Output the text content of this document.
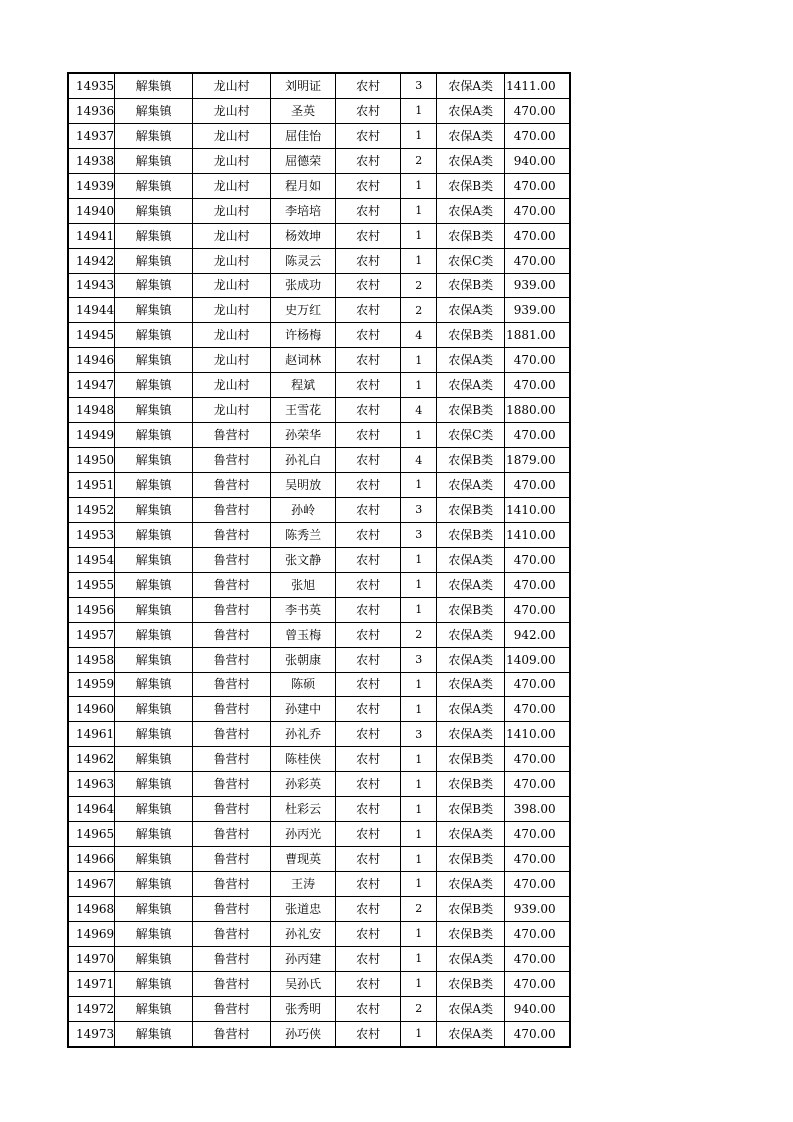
14935	解集镇	龙山村	刘明证	农村	3	农保A类	1411.00
14936	解集镇	龙山村	圣英	农村	1	农保A类	470.00
14937	解集镇	龙山村	屈佳怡	农村	1	农保A类	470.00
14938	解集镇	龙山村	屈德荣	农村	2	农保A类	940.00
14939	解集镇	龙山村	程月如	农村	1	农保B类	470.00
14940	解集镇	龙山村	李培培	农村	1	农保A类	470.00
14941	解集镇	龙山村	杨效坤	农村	1	农保B类	470.00
14942	解集镇	龙山村	陈灵云	农村	1	农保C类	470.00
14943	解集镇	龙山村	张成功	农村	2	农保B类	939.00
14944	解集镇	龙山村	史万红	农村	2	农保A类	939.00
14945	解集镇	龙山村	许杨梅	农村	4	农保B类	1881.00
14946	解集镇	龙山村	赵词林	农村	1	农保A类	470.00
14947	解集镇	龙山村	程斌	农村	1	农保A类	470.00
14948	解集镇	龙山村	王雪花	农村	4	农保B类	1880.00
14949	解集镇	鲁营村	孙荣华	农村	1	农保C类	470.00
14950	解集镇	鲁营村	孙礼白	农村	4	农保B类	1879.00
14951	解集镇	鲁营村	吴明放	农村	1	农保A类	470.00
14952	解集镇	鲁营村	孙岭	农村	3	农保B类	1410.00
14953	解集镇	鲁营村	陈秀兰	农村	3	农保B类	1410.00
14954	解集镇	鲁营村	张文静	农村	1	农保A类	470.00
14955	解集镇	鲁营村	张旭	农村	1	农保A类	470.00
14956	解集镇	鲁营村	李书英	农村	1	农保B类	470.00
14957	解集镇	鲁营村	曾玉梅	农村	2	农保A类	942.00
14958	解集镇	鲁营村	张朝康	农村	3	农保A类	1409.00
14959	解集镇	鲁营村	陈硕	农村	1	农保A类	470.00
14960	解集镇	鲁营村	孙建中	农村	1	农保A类	470.00
14961	解集镇	鲁营村	孙礼乔	农村	3	农保A类	1410.00
14962	解集镇	鲁营村	陈桂侠	农村	1	农保B类	470.00
14963	解集镇	鲁营村	孙彩英	农村	1	农保B类	470.00
14964	解集镇	鲁营村	杜彩云	农村	1	农保B类	398.00
14965	解集镇	鲁营村	孙丙光	农村	1	农保A类	470.00
14966	解集镇	鲁营村	曹现英	农村	1	农保B类	470.00
14967	解集镇	鲁营村	王涛	农村	1	农保A类	470.00
14968	解集镇	鲁营村	张道忠	农村	2	农保B类	939.00
14969	解集镇	鲁营村	孙礼安	农村	1	农保B类	470.00
14970	解集镇	鲁营村	孙丙建	农村	1	农保A类	470.00
14971	解集镇	鲁营村	吴孙氏	农村	1	农保B类	470.00
14972	解集镇	鲁营村	张秀明	农村	2	农保A类	940.00
14973	解集镇	鲁营村	孙巧侠	农村	1	农保A类	470.00
